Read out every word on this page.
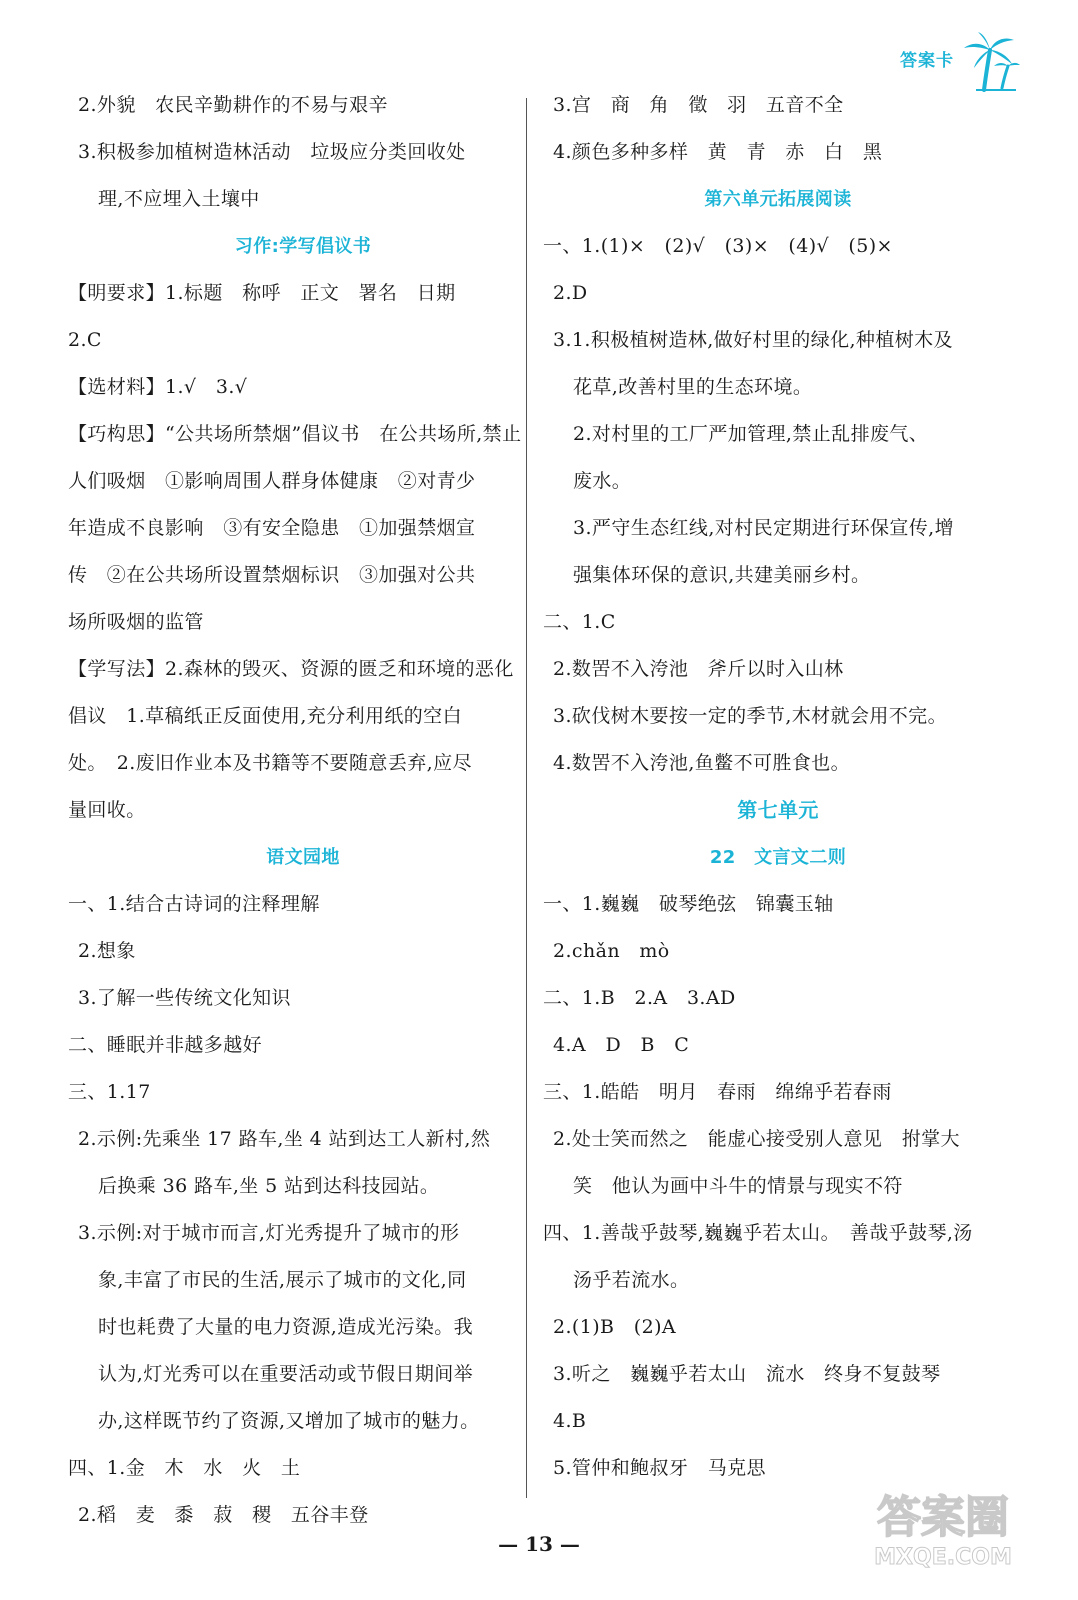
答案卡
2.外貌　农民辛勤耕作的不易与艰辛
3.积极参加植树造林活动　垃圾应分类回收处
理,不应埋入土壤中
习作:学写倡议书
【明要求】1.标题　称呼　正文　署名　日期
2.C
【选材料】1.√　3.√
【巧构思】“公共场所禁烟”倡议书　在公共场所,禁止
人们吸烟　①影响周围人群身体健康　②对青少
年造成不良影响　③有安全隐患　①加强禁烟宣
传　②在公共场所设置禁烟标识　③加强对公共
场所吸烟的监管
【学写法】2.森林的毁灭、资源的匮乏和环境的恶化
倡议　1.草稿纸正反面使用,充分利用纸的空白
处。　2.废旧作业本及书籍等不要随意丢弃,应尽
量回收。
语文园地
一、1.结合古诗词的注释理解
2.想象
3.了解一些传统文化知识
二、睡眠并非越多越好
三、1.17
2.示例:先乘坐 17 路车,坐 4 站到达工人新村,然
后换乘 36 路车,坐 5 站到达科技园站。
3.示例:对于城市而言,灯光秀提升了城市的形
象,丰富了市民的生活,展示了城市的文化,同
时也耗费了大量的电力资源,造成光污染。我
认为,灯光秀可以在重要活动或节假日期间举
办,这样既节约了资源,又增加了城市的魅力。
四、1.金　木　水　火　土
2.稻　麦　黍　菽　稷　五谷丰登
3.宫　商　角　徵　羽　五音不全
4.颜色多种多样　黄　青　赤　白　黑
第六单元拓展阅读
一、1.(1)×　(2)√　(3)×　(4)√　(5)×
2.D
3.1.积极植树造林,做好村里的绿化,种植树木及
花草,改善村里的生态环境。
2.对村里的工厂严加管理,禁止乱排废气、
废水。
3.严守生态红线,对村民定期进行环保宣传,增
强集体环保的意识,共建美丽乡村。
二、1.C
2.数罟不入洿池　斧斤以时入山林
3.砍伐树木要按一定的季节,木材就会用不完。
4.数罟不入洿池,鱼鳖不可胜食也。
第七单元
22　文言文二则
一、1.巍巍　破琴绝弦　锦囊玉轴
2.chǎn　mò
二、1.B　2.A　3.AD
4.A　D　B　C
三、1.皓皓　明月　春雨　绵绵乎若春雨
2.处士笑而然之　能虚心接受别人意见　拊掌大
笑　他认为画中斗牛的情景与现实不符
四、1.善哉乎鼓琴,巍巍乎若太山。　善哉乎鼓琴,汤
汤乎若流水。
2.(1)B　(2)A
3.听之　巍巍乎若太山　流水　终身不复鼓琴
4.B
5.管仲和鲍叔牙　马克思
— 13 —
答案圈
MXQE.COM
